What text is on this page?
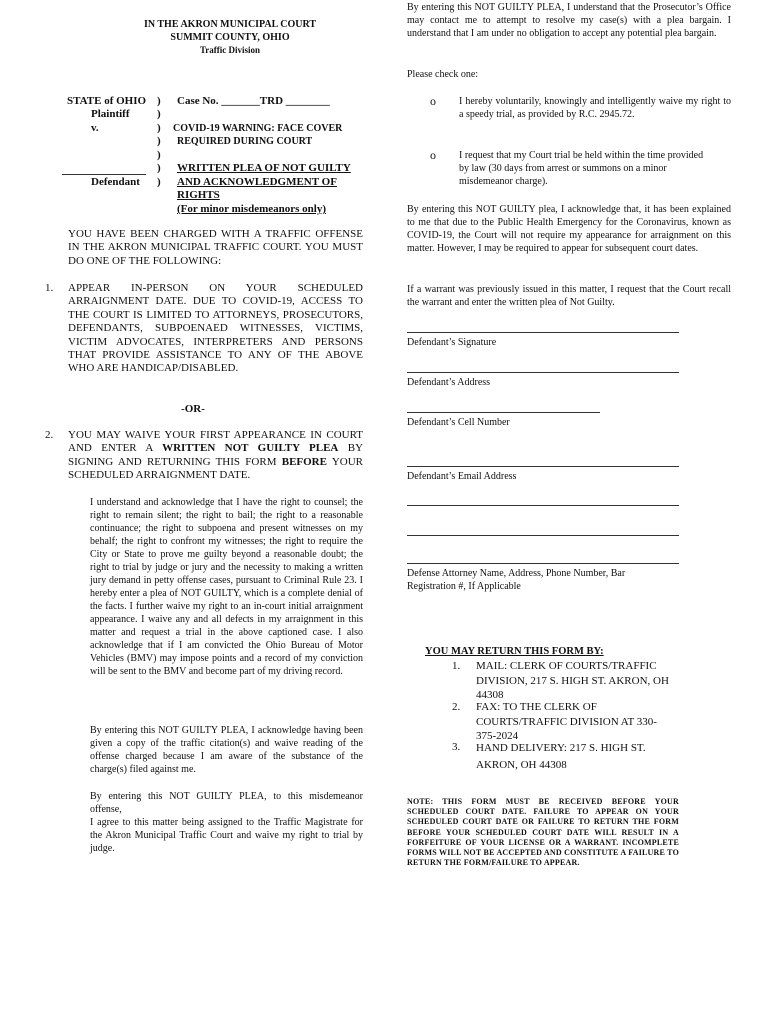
IN THE AKRON MUNICIPAL COURT
SUMMIT COUNTY, OHIO
Traffic Division
STATE of OHIO
Plaintiff
v.
Defendant
)
)
)
)
)
)
)
Case No. _______TRD ________
COVID-19 WARNING: FACE COVER
REQUIRED DURING COURT
WRITTEN PLEA OF NOT GUILTY
AND ACKNOWLEDGMENT OF
RIGHTS
(For minor misdemeanors only)
YOU HAVE BEEN CHARGED WITH A TRAFFIC OFFENSE IN THE AKRON MUNICIPAL TRAFFIC COURT. YOU MUST DO ONE OF THE FOLLOWING:
1. APPEAR IN-PERSON ON YOUR SCHEDULED ARRAIGNMENT DATE. DUE TO COVID-19, ACCESS TO THE COURT IS LIMITED TO ATTORNEYS, PROSECUTORS, DEFENDANTS, SUBPOENAED WITNESSES, VICTIMS, VICTIM ADVOCATES, INTERPRETERS AND PERSONS THAT PROVIDE ASSISTANCE TO ANY OF THE ABOVE WHO ARE HANDICAP/DISABLED.
-OR-
2. YOU MAY WAIVE YOUR FIRST APPEARANCE IN COURT AND ENTER A WRITTEN NOT GUILTY PLEA BY SIGNING AND RETURNING THIS FORM BEFORE YOUR SCHEDULED ARRAIGNMENT DATE.
I understand and acknowledge that I have the right to counsel; the right to remain silent; the right to bail; the right to a reasonable continuance; the right to subpoena and present witnesses on my behalf; the right to confront my witnesses; the right to require the City or State to prove me guilty beyond a reasonable doubt; the right to trial by judge or jury and the necessity to making a written jury demand in petty offense cases, pursuant to Criminal Rule 23. I hereby enter a plea of NOT GUILTY, which is a complete denial of the facts. I further waive my right to an in-court initial arraignment appearance. I waive any and all defects in my arraignment in this matter and request a trial in the above captioned case. I also acknowledge that if I am convicted the Ohio Bureau of Motor Vehicles (BMV) may impose points and a record of my conviction will be sent to the BMV and become part of my driving record.
By entering this NOT GUILTY PLEA, I acknowledge having been given a copy of the traffic citation(s) and waive reading of the offense charged because I am aware of the substance of the charge(s) filed against me.
By entering this NOT GUILTY PLEA, to this misdemeanor offense,
I agree to this matter being assigned to the Traffic Magistrate for the Akron Municipal Traffic Court and waive my right to trial by judge.
By entering this NOT GUILTY PLEA, I understand that the Prosecutor’s Office may contact me to attempt to resolve my case(s) with a plea bargain. I understand that I am under no obligation to accept any potential plea bargain.
Please check one:
o I hereby voluntarily, knowingly and intelligently waive my right to a speedy trial, as provided by R.C. 2945.72.
o I request that my Court trial be held within the time provided by law (30 days from arrest or summons on a minor misdemeanor charge).
By entering this NOT GUILTY plea, I acknowledge that, it has been explained to me that due to the Public Health Emergency for the Coronavirus, known as COVID-19, the Court will not require my appearance for arraignment on this matter. However, I may be required to appear for subsequent court dates.
If a warrant was previously issued in this matter, I request that the Court recall the warrant and enter the written plea of Not Guilty.
Defendant’s Signature
Defendant’s Address
Defendant’s Cell Number
Defendant’s Email Address
Defense Attorney Name, Address, Phone Number, Bar
Registration #, If Applicable
YOU MAY RETURN THIS FORM BY:
1. MAIL: CLERK OF COURTS/TRAFFIC
DIVISION, 217 S. HIGH ST. AKRON, OH
44308
2. FAX: TO THE CLERK OF
COURTS/TRAFFIC DIVISION AT 330-
375-2024
3. HAND DELIVERY: 217 S. HIGH ST.
AKRON, OH 44308
NOTE: THIS FORM MUST BE RECEIVED BEFORE YOUR SCHEDULED COURT DATE. FAILURE TO APPEAR ON YOUR SCHEDULED COURT DATE OR FAILURE TO RETURN THE FORM BEFORE YOUR SCHEDULED COURT DATE WILL RESULT IN A FORFEITURE OF YOUR LICENSE OR A WARRANT. INCOMPLETE FORMS WILL NOT BE ACCEPTED AND CONSTITUTE A FAILURE TO RETURN THE FORM/FAILURE TO APPEAR.
